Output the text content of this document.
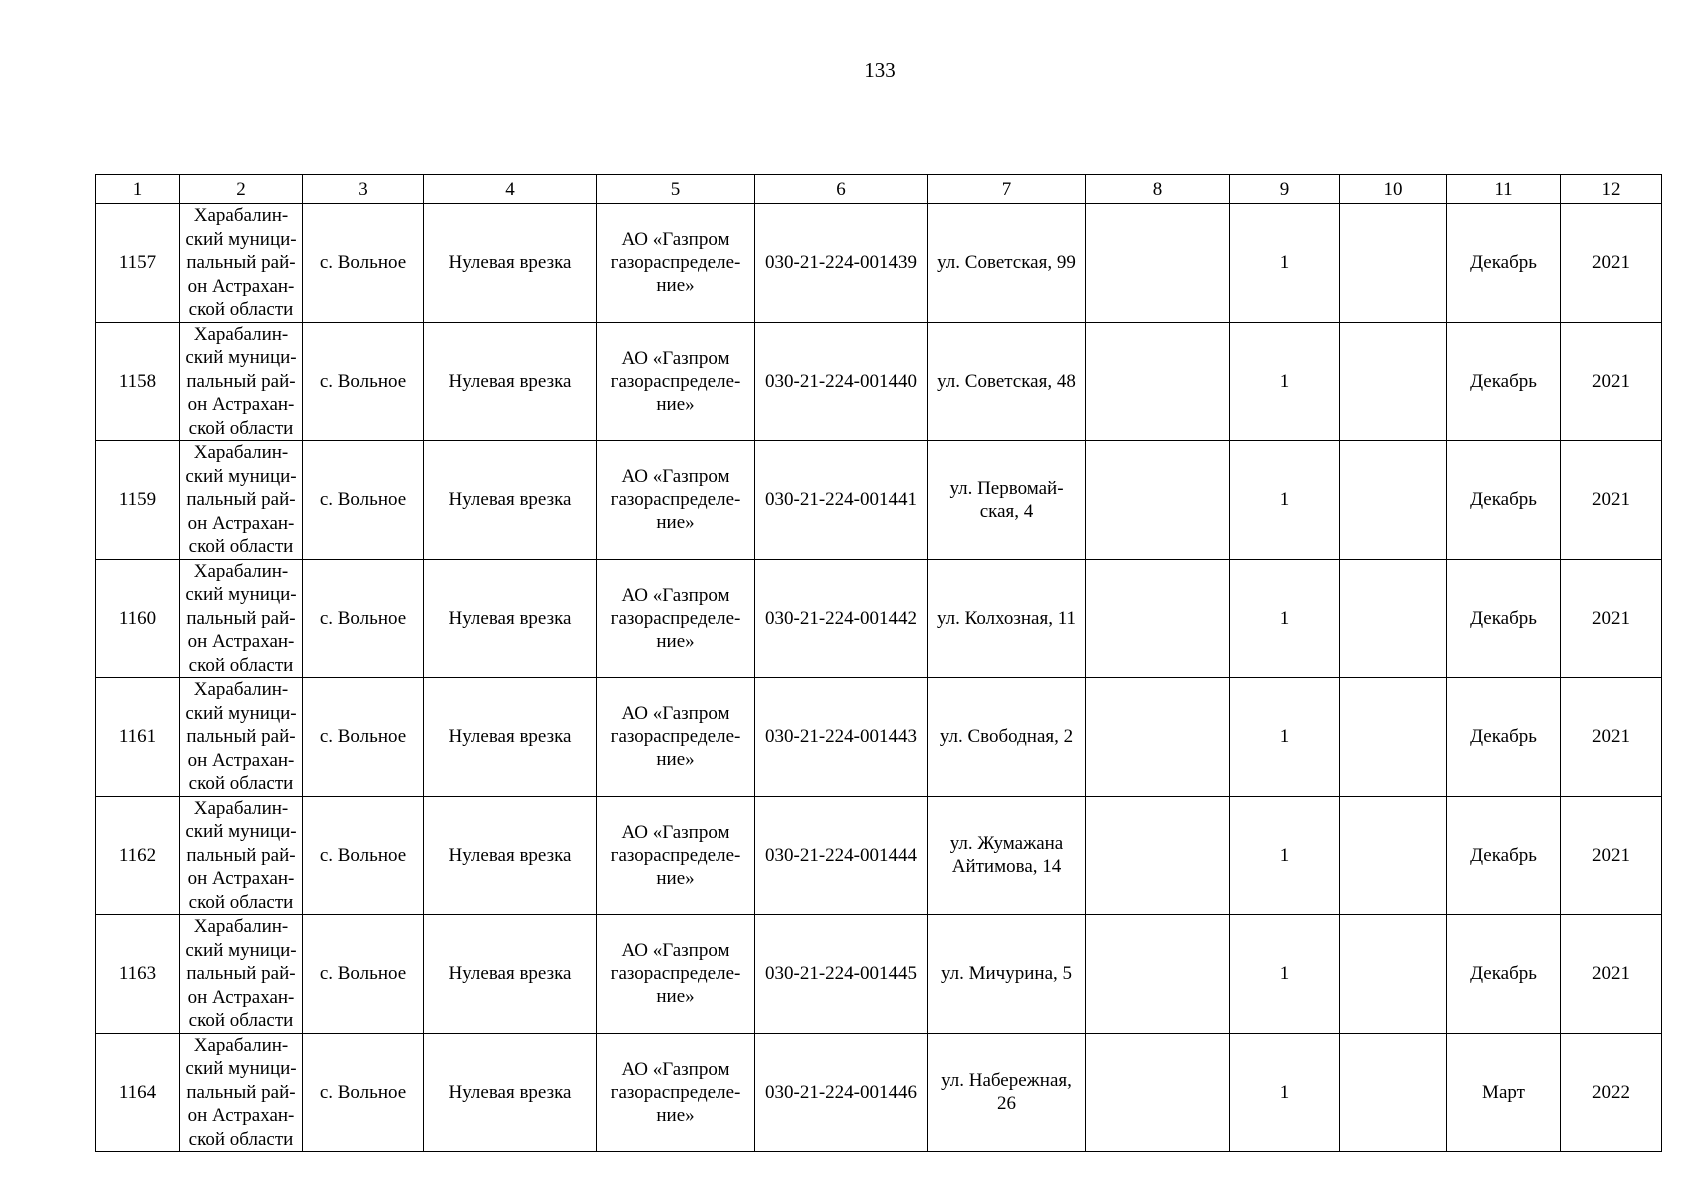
133
1	2	3	4	5	6	7	8	9	10	11	12
1157	Харабалин-
ский муници-
пальный рай-
он Астрахан-
ской области	с. Вольное	Нулевая врезка	АО «Газпром
газораспределе-
ние»	030-21-224-001439	ул. Советская, 99		1		Декабрь	2021
1158	Харабалин-
ский муници-
пальный рай-
он Астрахан-
ской области	с. Вольное	Нулевая врезка	АО «Газпром
газораспределе-
ние»	030-21-224-001440	ул. Советская, 48		1		Декабрь	2021
1159	Харабалин-
ский муници-
пальный рай-
он Астрахан-
ской области	с. Вольное	Нулевая врезка	АО «Газпром
газораспределе-
ние»	030-21-224-001441	ул. Первомай-
ская, 4		1		Декабрь	2021
1160	Харабалин-
ский муници-
пальный рай-
он Астрахан-
ской области	с. Вольное	Нулевая врезка	АО «Газпром
газораспределе-
ние»	030-21-224-001442	ул. Колхозная, 11		1		Декабрь	2021
1161	Харабалин-
ский муници-
пальный рай-
он Астрахан-
ской области	с. Вольное	Нулевая врезка	АО «Газпром
газораспределе-
ние»	030-21-224-001443	ул. Свободная, 2		1		Декабрь	2021
1162	Харабалин-
ский муници-
пальный рай-
он Астрахан-
ской области	с. Вольное	Нулевая врезка	АО «Газпром
газораспределе-
ние»	030-21-224-001444	ул. Жумажана
Айтимова, 14		1		Декабрь	2021
1163	Харабалин-
ский муници-
пальный рай-
он Астрахан-
ской области	с. Вольное	Нулевая врезка	АО «Газпром
газораспределе-
ние»	030-21-224-001445	ул. Мичурина, 5		1		Декабрь	2021
1164	Харабалин-
ский муници-
пальный рай-
он Астрахан-
ской области	с. Вольное	Нулевая врезка	АО «Газпром
газораспределе-
ние»	030-21-224-001446	ул. Набережная,
26		1		Март	2022
